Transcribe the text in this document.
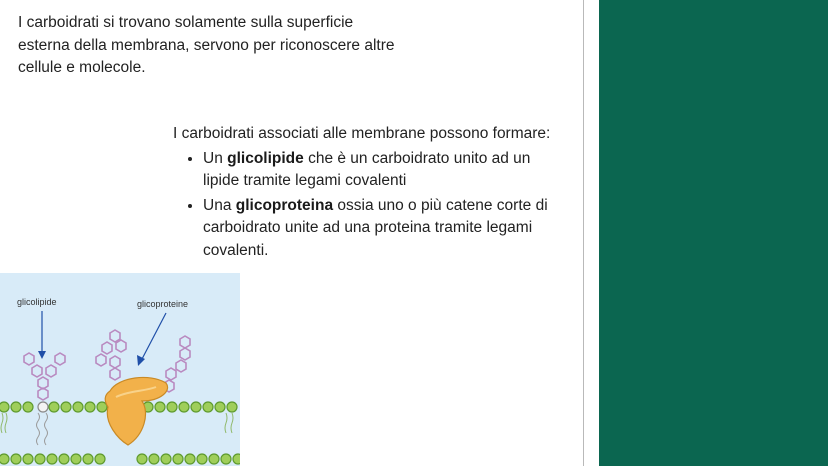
I carboidrati si trovano solamente sulla superficie esterna della membrana, servono per riconoscere altre cellule e molecole.

I carboidrati associati alle membrane possono formare:

• Un glicolipide che è un carboidrato unito ad un lipide tramite legami covalenti
• Una glicoproteina ossia uno o più catene corte di carboidrato unite ad una proteina tramite legami covalenti.
glicolipide	glicoproteine
